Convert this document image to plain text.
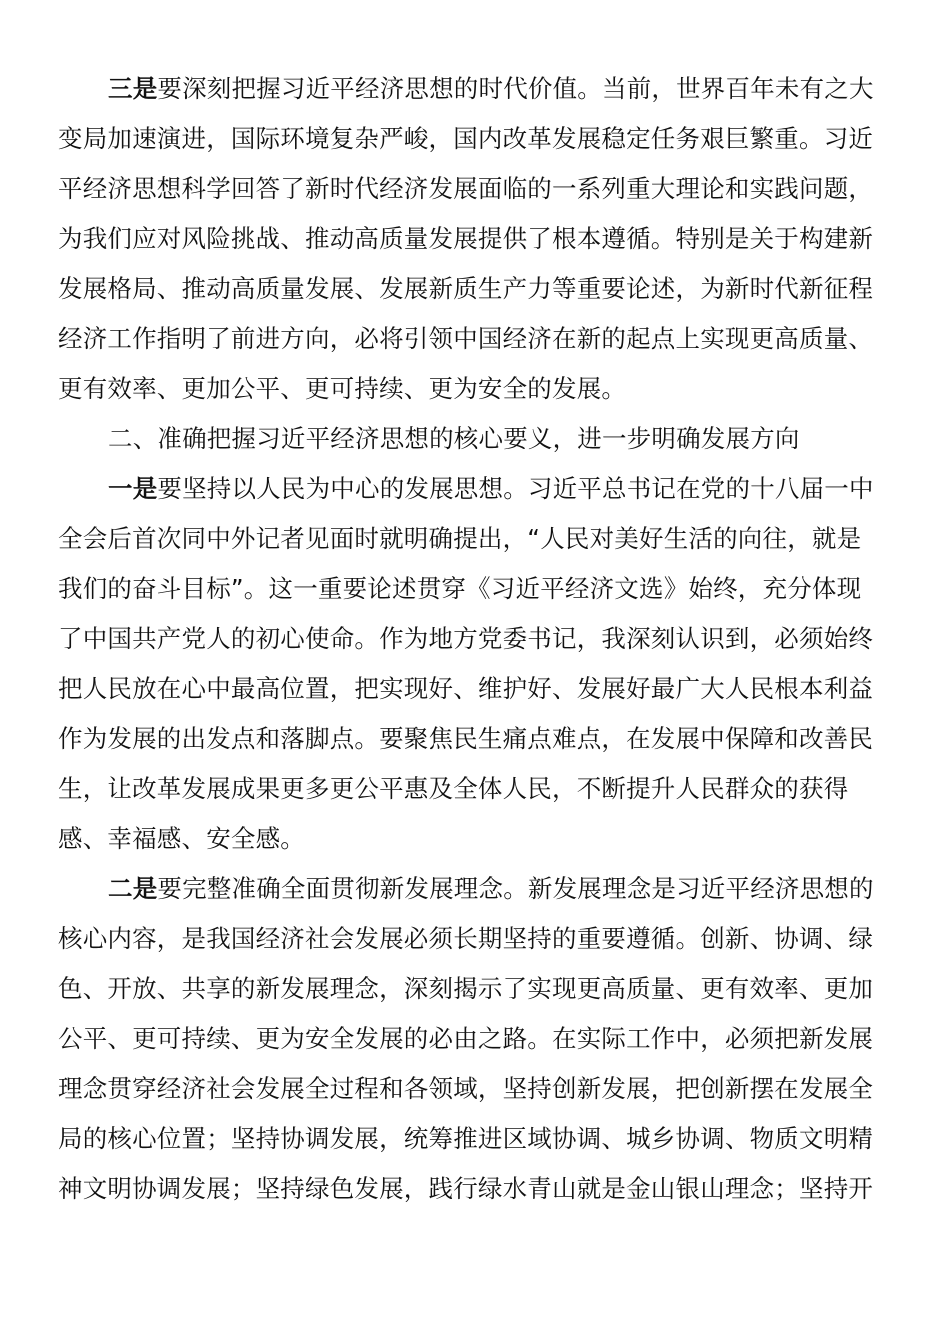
三是要深刻把握习近平经济思想的时代价值。当前，世界百年未有之大
变局加速演进，国际环境复杂严峻，国内改革发展稳定任务艰巨繁重。习近
平经济思想科学回答了新时代经济发展面临的一系列重大理论和实践问题，
为我们应对风险挑战、推动高质量发展提供了根本遵循。特别是关于构建新
发展格局、推动高质量发展、发展新质生产力等重要论述，为新时代新征程
经济工作指明了前进方向，必将引领中国经济在新的起点上实现更高质量、
更有效率、更加公平、更可持续、更为安全的发展。
二、准确把握习近平经济思想的核心要义，进一步明确发展方向
一是要坚持以人民为中心的发展思想。习近平总书记在党的十八届一中
全会后首次同中外记者见面时就明确提出，“人民对美好生活的向往，就是
我们的奋斗目标”。这一重要论述贯穿《习近平经济文选》始终，充分体现
了中国共产党人的初心使命。作为地方党委书记，我深刻认识到，必须始终
把人民放在心中最高位置，把实现好、维护好、发展好最广大人民根本利益
作为发展的出发点和落脚点。要聚焦民生痛点难点，在发展中保障和改善民
生，让改革发展成果更多更公平惠及全体人民，不断提升人民群众的获得
感、幸福感、安全感。
二是要完整准确全面贯彻新发展理念。新发展理念是习近平经济思想的
核心内容，是我国经济社会发展必须长期坚持的重要遵循。创新、协调、绿
色、开放、共享的新发展理念，深刻揭示了实现更高质量、更有效率、更加
公平、更可持续、更为安全发展的必由之路。在实际工作中，必须把新发展
理念贯穿经济社会发展全过程和各领域，坚持创新发展，把创新摆在发展全
局的核心位置；坚持协调发展，统筹推进区域协调、城乡协调、物质文明精
神文明协调发展；坚持绿色发展，践行绿水青山就是金山银山理念；坚持开
